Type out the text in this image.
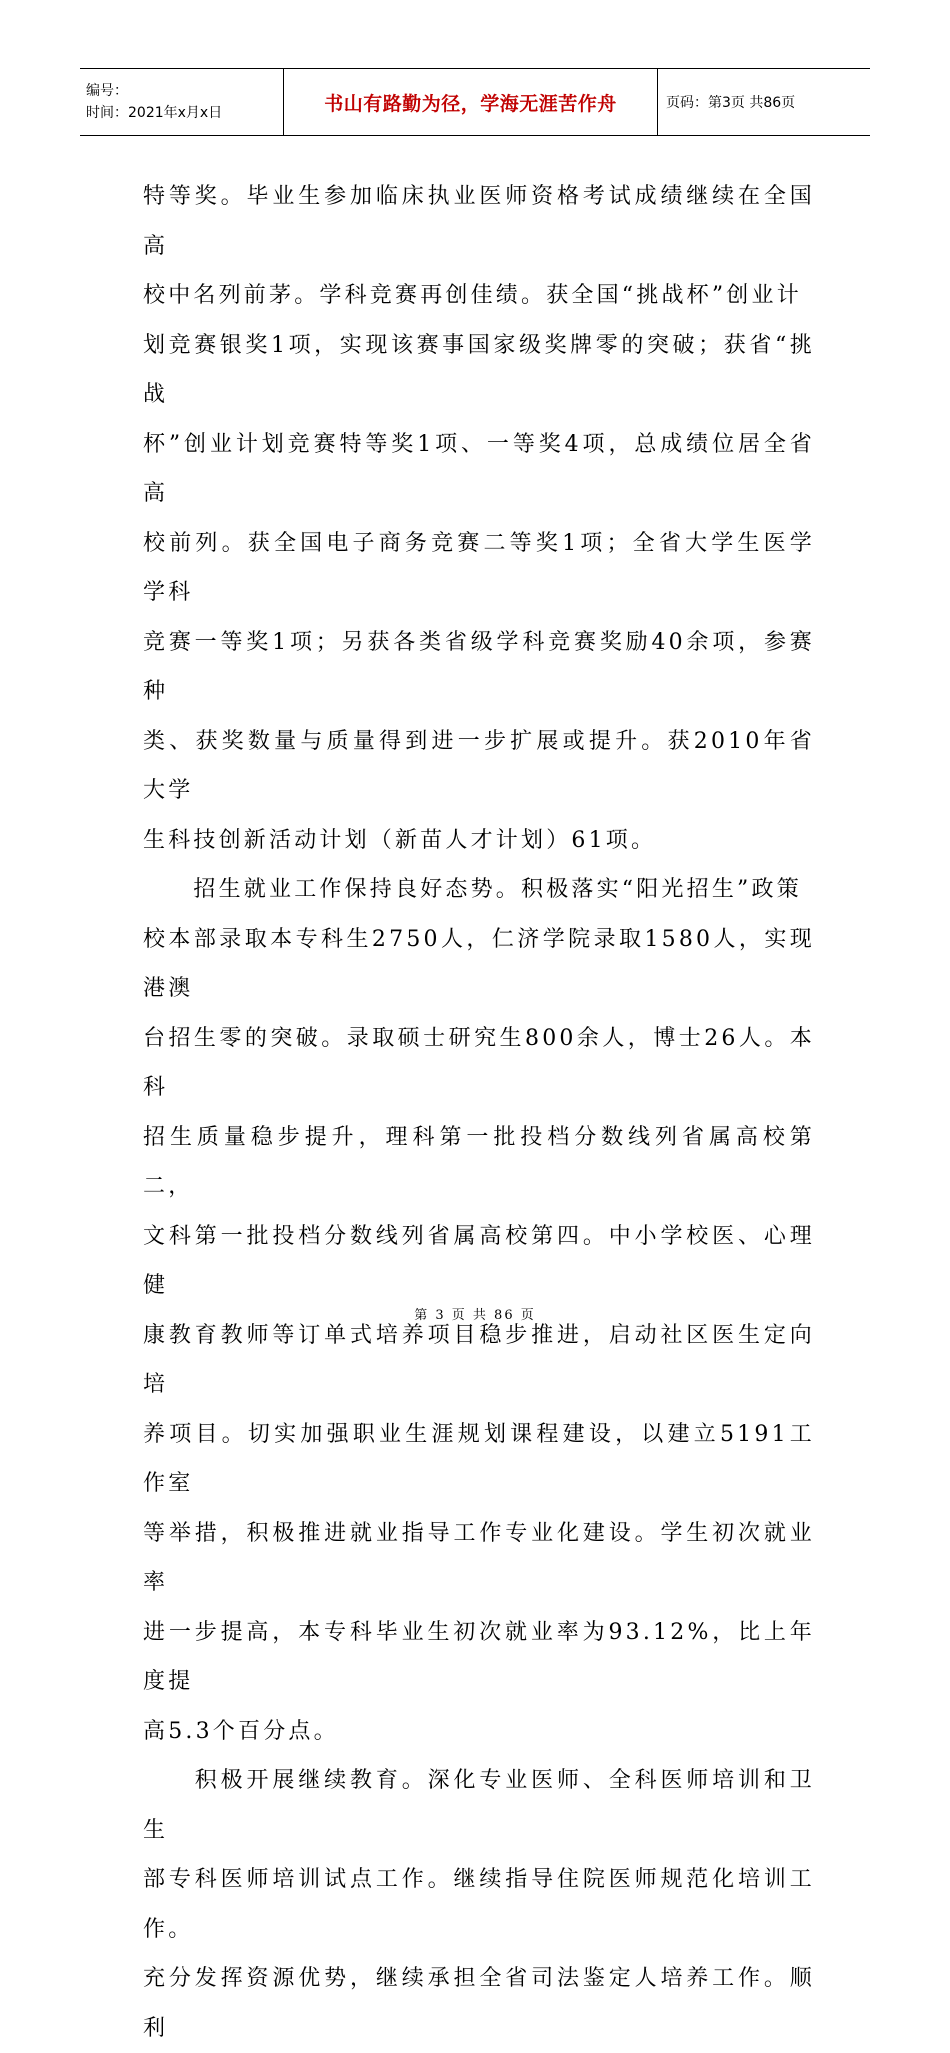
编号：
时间：2021年x月x日	书山有路勤为径，学海无涯苦作舟	页码：第3页 共86页

特等奖。毕业生参加临床执业医师资格考试成绩继续在全国高

校中名列前茅。学科竞赛再创佳绩。获全国“挑战杯”创业计

划竞赛银奖1项，实现该赛事国家级奖牌零的突破；获省“挑战

杯”创业计划竞赛特等奖1项、一等奖4项，总成绩位居全省高

校前列。获全国电子商务竞赛二等奖1项；全省大学生医学学科

竞赛一等奖1项；另获各类省级学科竞赛奖励40余项，参赛种

类、获奖数量与质量得到进一步扩展或提升。获2010年省大学

生科技创新活动计划（新苗人才计划）61项。

　　招生就业工作保持良好态势。积极落实“阳光招生”政策

校本部录取本专科生2750人，仁济学院录取1580人，实现港澳

台招生零的突破。录取硕士研究生800余人，博士26人。本科

招生质量稳步提升，理科第一批投档分数线列省属高校第二，

文科第一批投档分数线列省属高校第四。中小学校医、心理健

康教育教师等订单式培养项目稳步推进，启动社区医生定向培

养项目。切实加强职业生涯规划课程建设，以建立5191工作室

等举措，积极推进就业指导工作专业化建设。学生初次就业率

进一步提高，本专科毕业生初次就业率为93.12%，比上年度提

高5.3个百分点。

　　积极开展继续教育。深化专业医师、全科医师培训和卫生

部专科医师培训试点工作。继续指导住院医师规范化培训工作。

充分发挥资源优势，继续承担全省司法鉴定人培养工作。顺利

第 3 页 共 86 页
